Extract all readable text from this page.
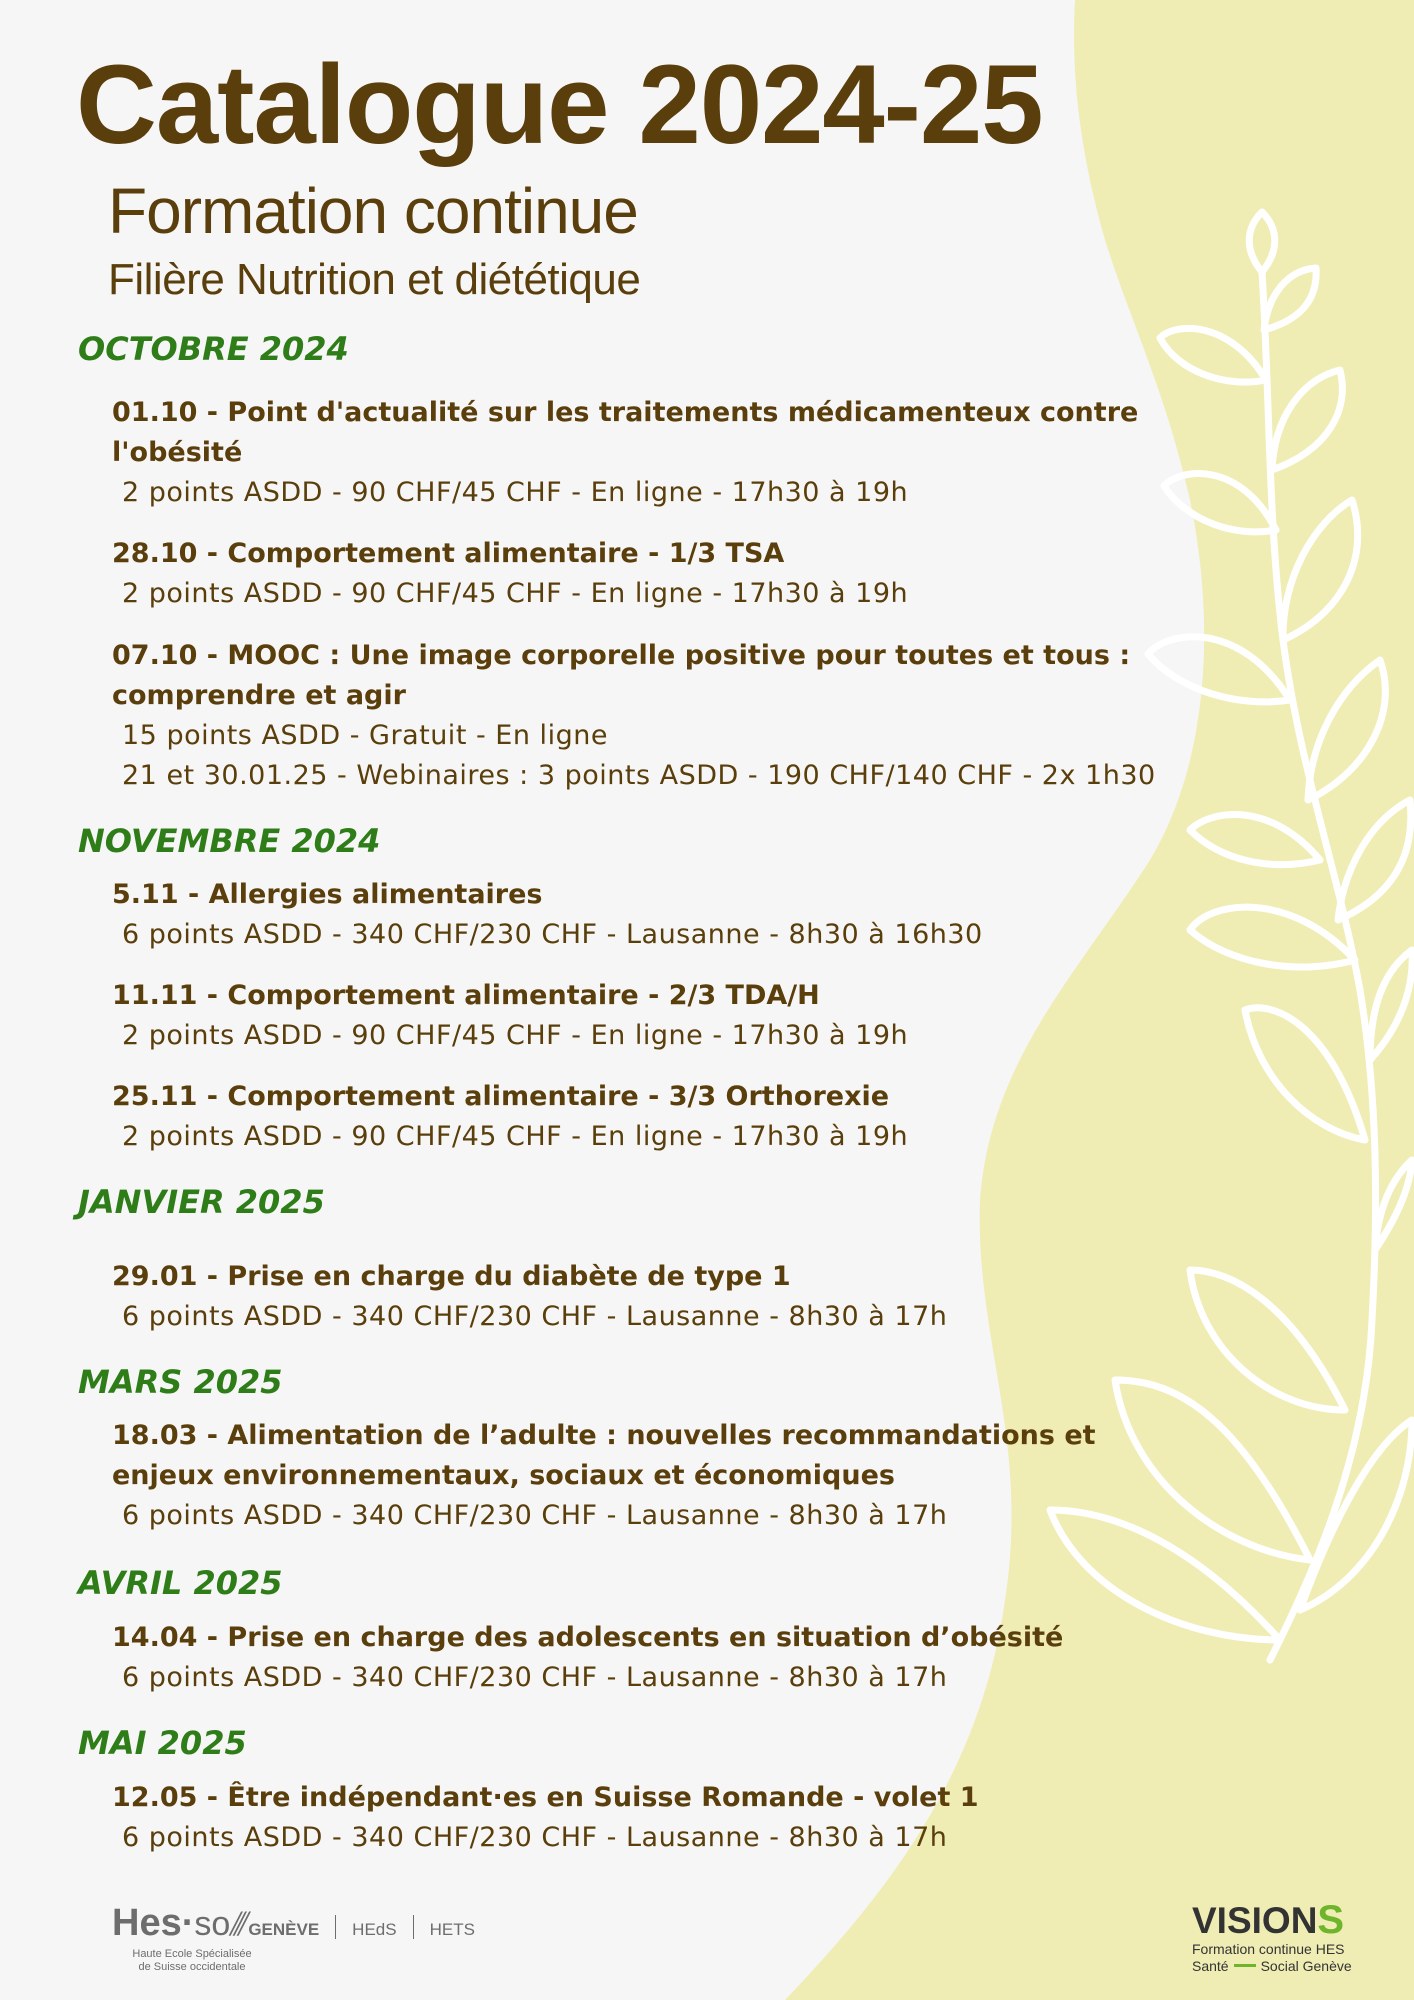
Catalogue 2024-25
Formation continue
Filière Nutrition et diététique
OCTOBRE 2024

01.10 - Point d'actualité sur les traitements médicamenteux contre

l'obésité

2 points ASDD - 90 CHF/45 CHF - En ligne - 17h30 à 19h

28.10 - Comportement alimentaire - 1/3 TSA

2 points ASDD - 90 CHF/45 CHF - En ligne - 17h30 à 19h

07.10 - MOOC : Une image corporelle positive pour toutes et tous :

comprendre et agir

15 points ASDD - Gratuit - En ligne

21 et 30.01.25 - Webinaires : 3 points ASDD - 190 CHF/140 CHF - 2x 1h30

NOVEMBRE 2024

5.11 - Allergies alimentaires

6 points ASDD - 340 CHF/230 CHF - Lausanne - 8h30 à 16h30

11.11 - Comportement alimentaire - 2/3 TDA/H

2 points ASDD - 90 CHF/45 CHF - En ligne - 17h30 à 19h

25.11 - Comportement alimentaire - 3/3 Orthorexie

2 points ASDD - 90 CHF/45 CHF - En ligne - 17h30 à 19h

JANVIER 2025

29.01 - Prise en charge du diabète de type 1

6 points ASDD - 340 CHF/230 CHF - Lausanne - 8h30 à 17h

MARS 2025

18.03 - Alimentation de l’adulte : nouvelles recommandations et

enjeux environnementaux, sociaux et économiques

6 points ASDD - 340 CHF/230 CHF - Lausanne - 8h30 à 17h

AVRIL 2025

14.04 - Prise en charge des adolescents en situation d’obésité

6 points ASDD - 340 CHF/230 CHF - Lausanne - 8h30 à 17h

MAI 2025

12.05 - Être indépendant·es en Suisse Romande - volet 1

6 points ASDD - 340 CHF/230 CHF - Lausanne - 8h30 à 17h

Hes·so/// GENÈVE HEdS HETS
Haute Ecole Spécialisée
de Suisse occidentale
VISIONS
Formation continue HES
Santé Social Genève
